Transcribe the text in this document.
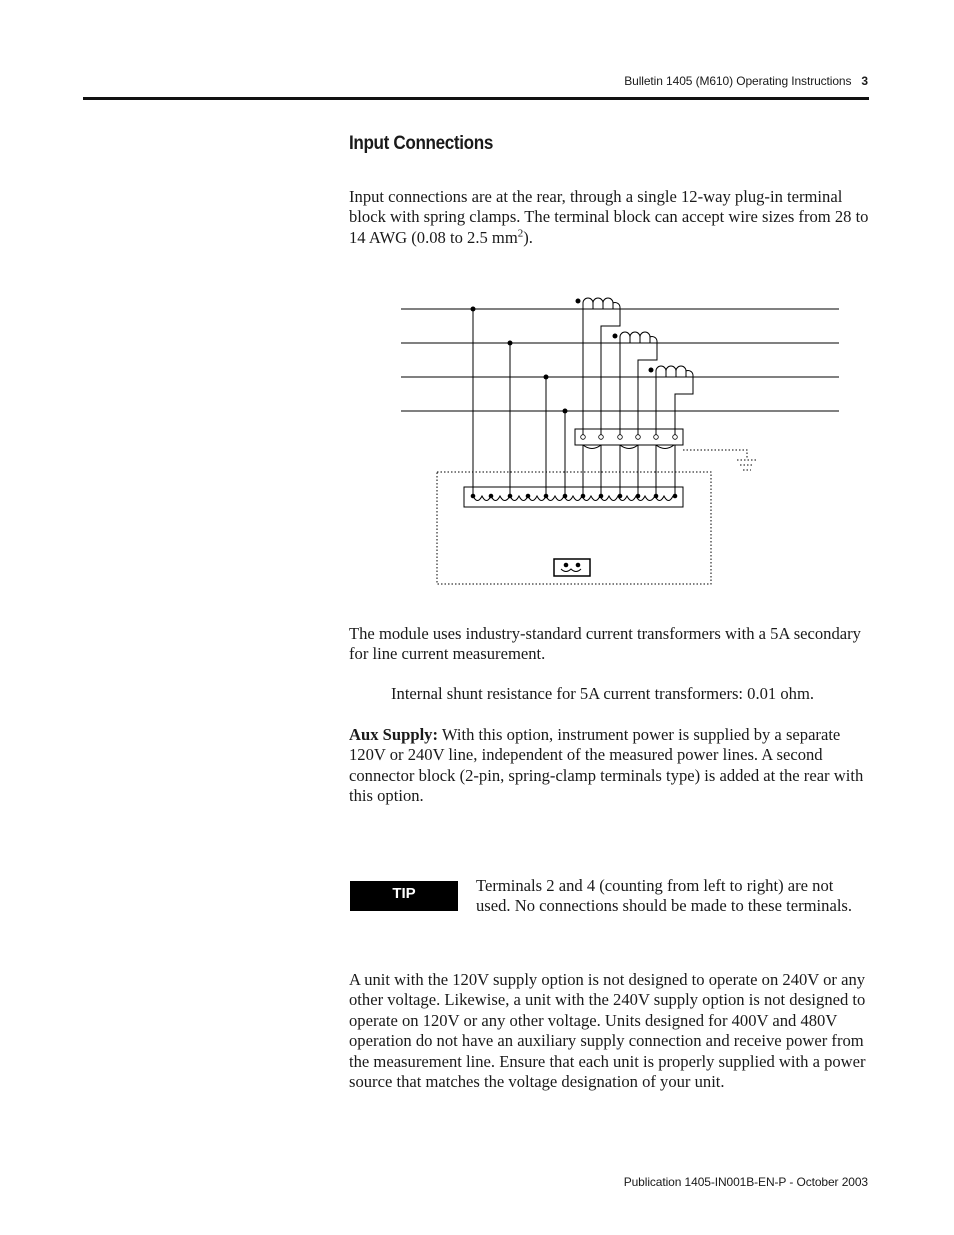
Bulletin 1405 (M610) Operating Instructions 3
Input Connections

Input connections are at the rear, through a single 12-way plug-in terminal block with spring clamps. The terminal block can accept wire sizes from 28 to 14 AWG (0.08 to 2.5 $mm^2$).

The module uses industry-standard current transformers with a 5A secondary for line current measurement.

Internal shunt resistance for 5A current transformers: 0.01 ohm.

Aux Supply: With this option, instrument power is supplied by a separate 120V or 240V line, independent of the measured power lines. A second connector block (2-pin, spring-clamp terminals type) is added at the rear with this option.

TIP	Terminals 2 and 4 (counting from left to right) are not used. No connections should be made to these terminals.

A unit with the 120V supply option is not designed to operate on 240V or any other voltage. Likewise, a unit with the 240V supply option is not designed to operate on 120V or any other voltage. Units designed for 400V and 480V operation do not have an auxiliary supply connection and receive power from the measurement line. Ensure that each unit is properly supplied with a power source that matches the voltage designation of your unit.

Publication 1405-IN001B-EN-P - October 2003
